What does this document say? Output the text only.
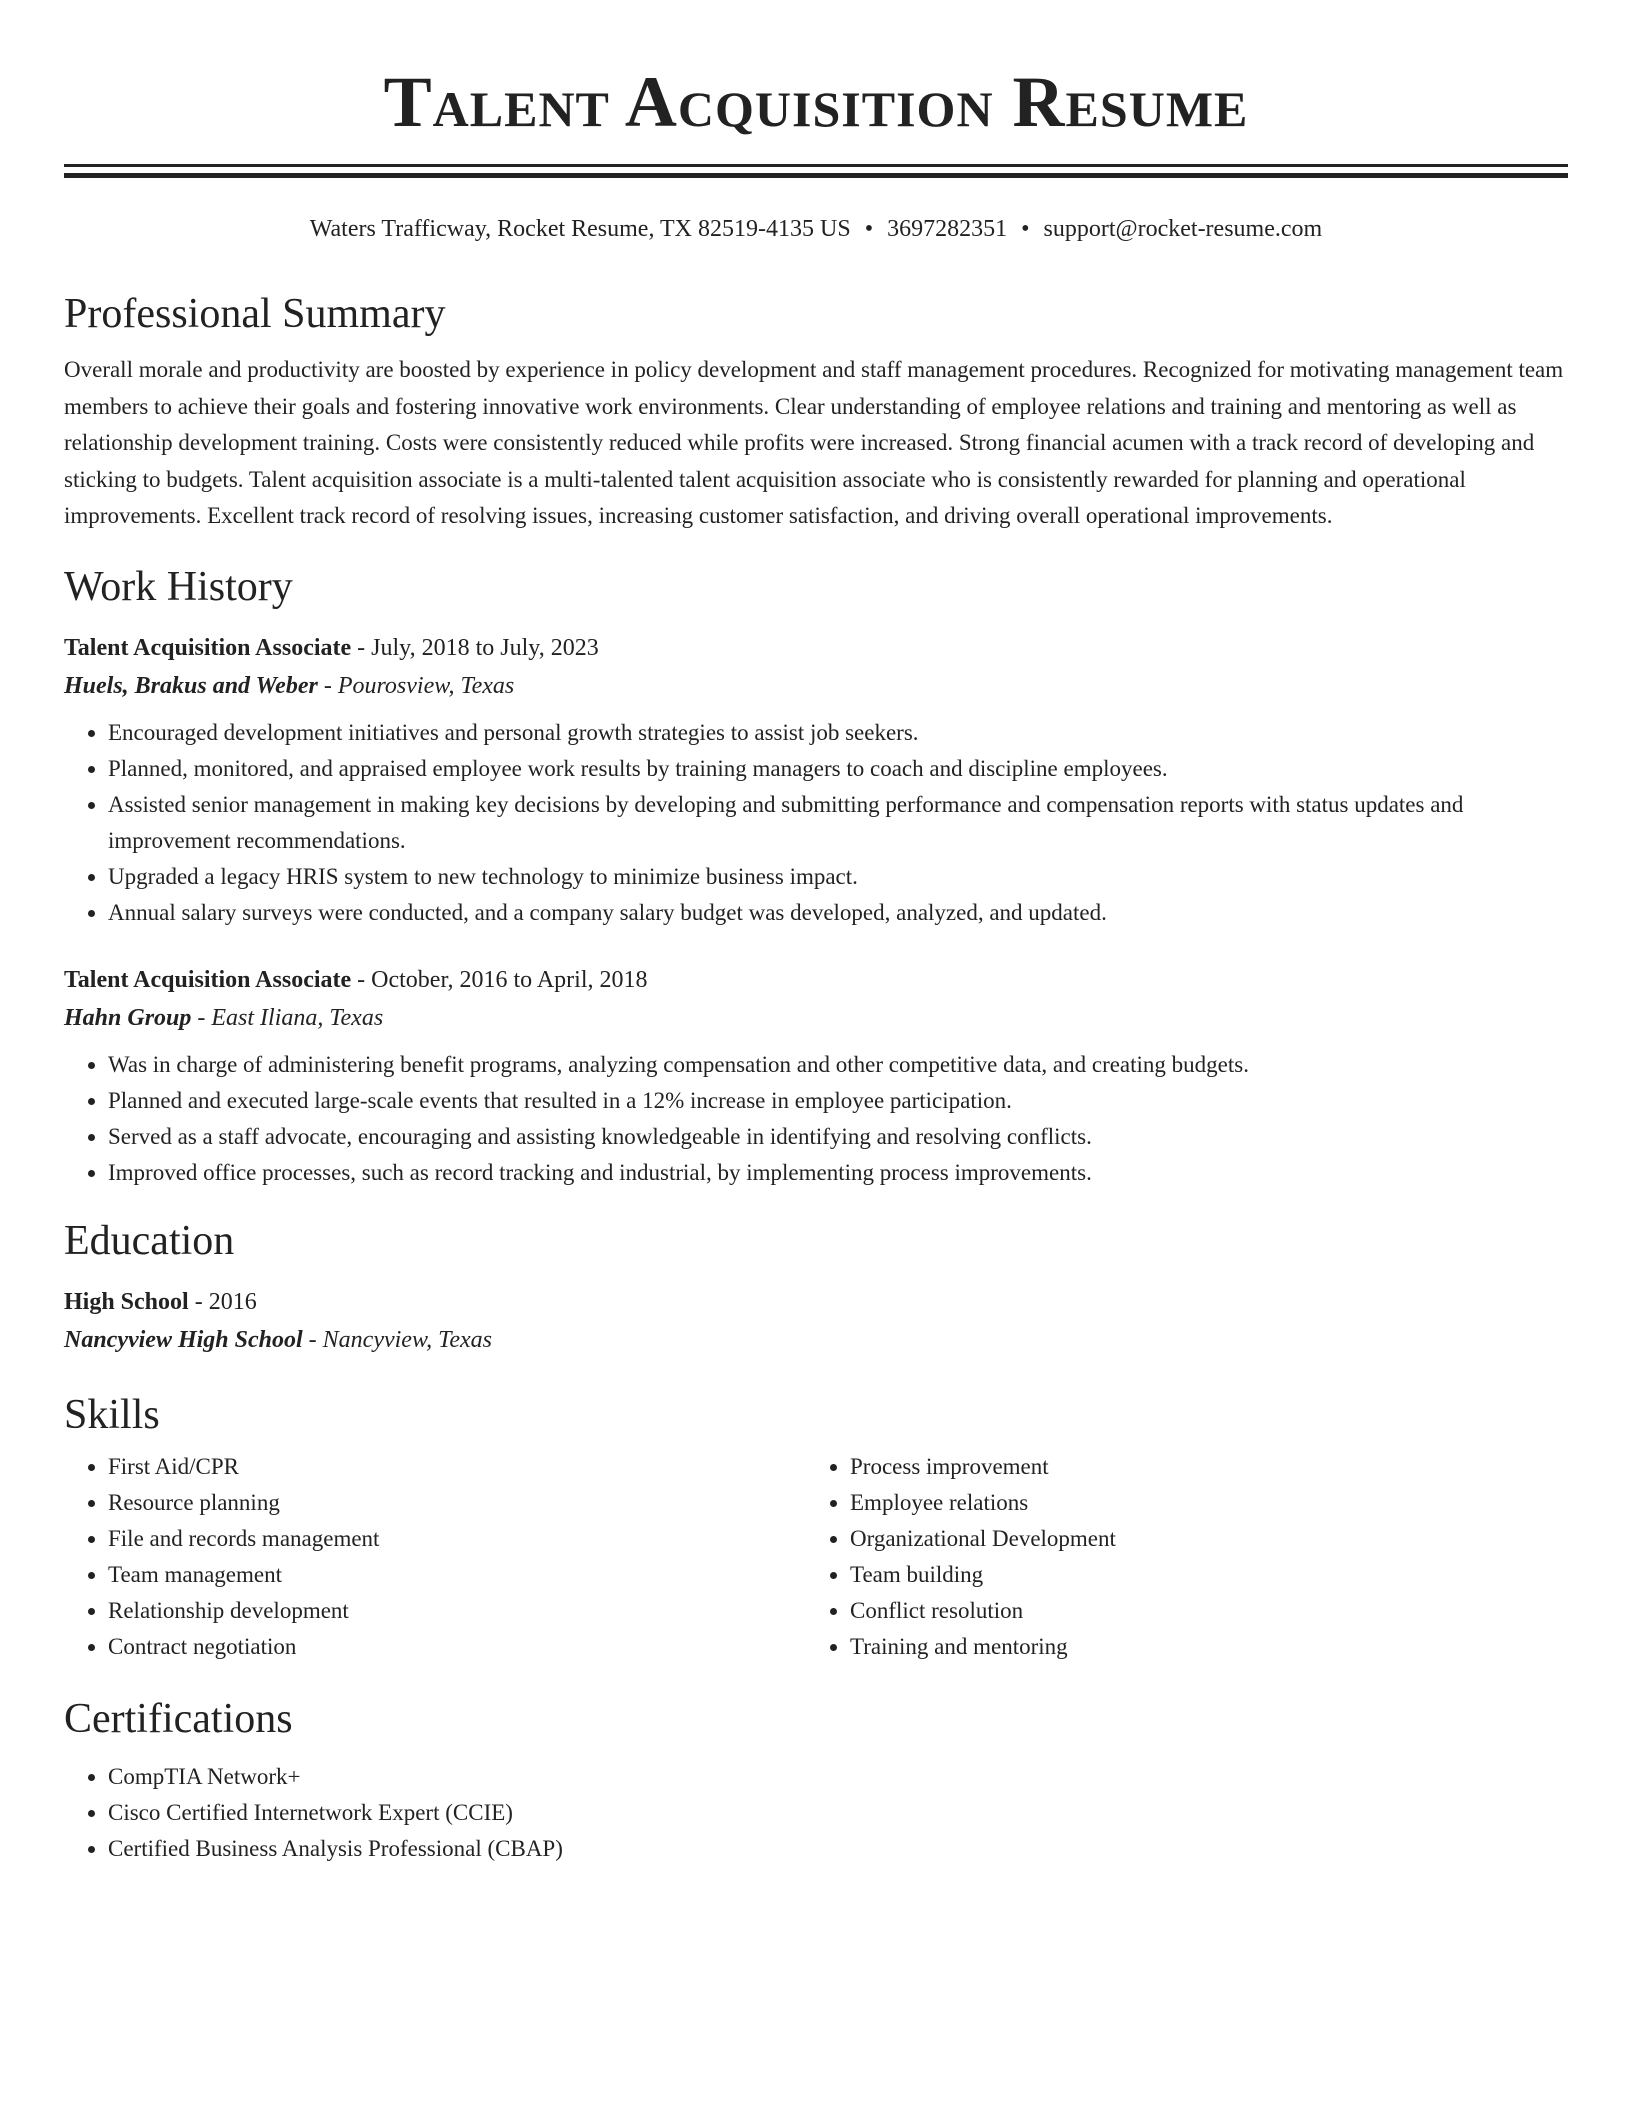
Talent Acquisition Resume
Waters Trafficway, Rocket Resume, TX 82519-4135 US • 3697282351 • support@rocket-resume.com
Professional Summary

Overall morale and productivity are boosted by experience in policy development and staff management procedures. Recognized for motivating management team members to achieve their goals and fostering innovative work environments. Clear understanding of employee relations and training and mentoring as well as relationship development training. Costs were consistently reduced while profits were increased. Strong financial acumen with a track record of developing and sticking to budgets. Talent acquisition associate is a multi-talented talent acquisition associate who is consistently rewarded for planning and operational improvements. Excellent track record of resolving issues, increasing customer satisfaction, and driving overall operational improvements.

Work History

Talent Acquisition Associate - July, 2018 to July, 2023

Huels, Brakus and Weber - Pourosview, Texas

• Encouraged development initiatives and personal growth strategies to assist job seekers.
• Planned, monitored, and appraised employee work results by training managers to coach and discipline employees.
• Assisted senior management in making key decisions by developing and submitting performance and compensation reports with status updates and improvement recommendations.
• Upgraded a legacy HRIS system to new technology to minimize business impact.
• Annual salary surveys were conducted, and a company salary budget was developed, analyzed, and updated.

Talent Acquisition Associate - October, 2016 to April, 2018

Hahn Group - East Iliana, Texas

• Was in charge of administering benefit programs, analyzing compensation and other competitive data, and creating budgets.
• Planned and executed large-scale events that resulted in a 12% increase in employee participation.
• Served as a staff advocate, encouraging and assisting knowledgeable in identifying and resolving conflicts.
• Improved office processes, such as record tracking and industrial, by implementing process improvements.
Education

High School - 2016

Nancyview High School - Nancyview, Texas

Skills
• First Aid/CPR
• Resource planning
• File and records management
• Team management
• Relationship development
• Contract negotiation
• Process improvement
• Employee relations
• Organizational Development
• Team building
• Conflict resolution
• Training and mentoring
Certifications
• CompTIA Network+
• Cisco Certified Internetwork Expert (CCIE)
• Certified Business Analysis Professional (CBAP)
